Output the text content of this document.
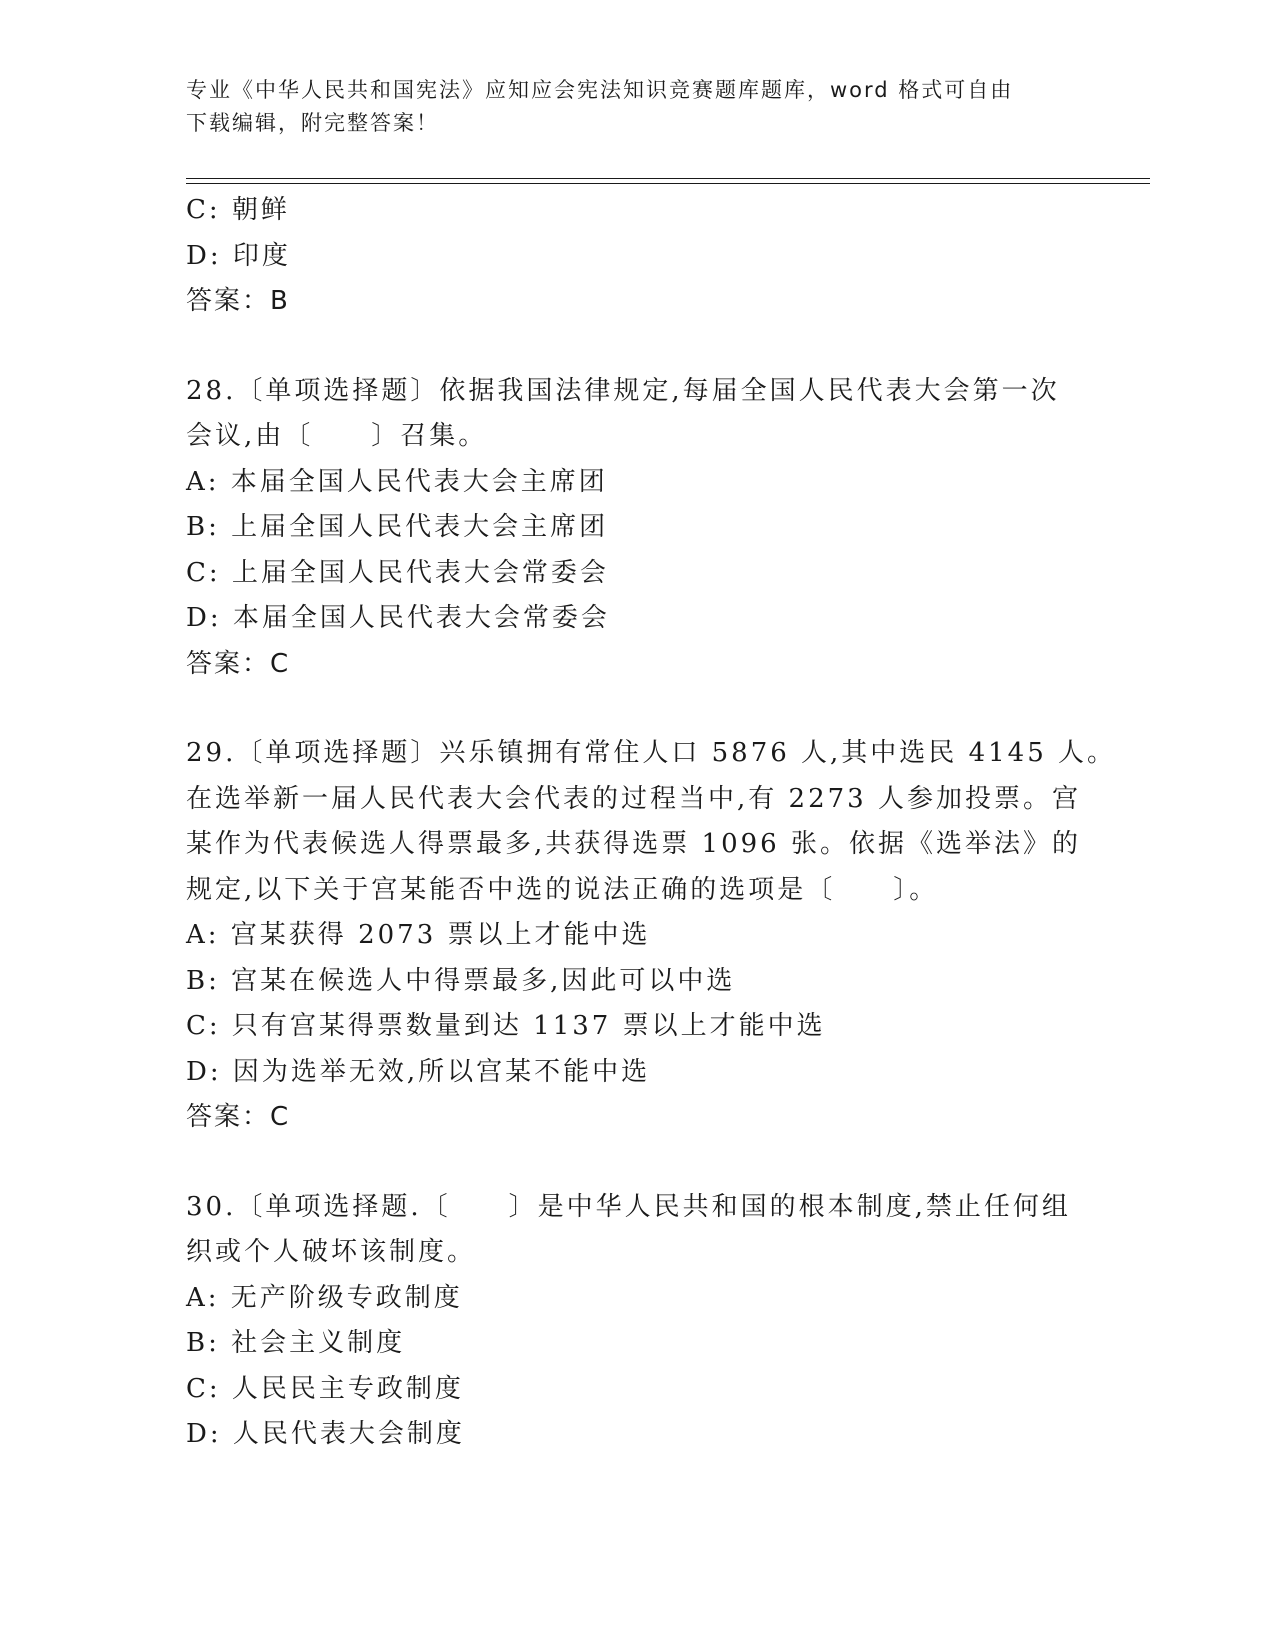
专业《中华人民共和国宪法》应知应会宪法知识竞赛题库题库，word 格式可自由
下载编辑，附完整答案！
C: 朝鲜
D: 印度
答案：B
28.〔单项选择题〕依据我国法律规定,每届全国人民代表大会第一次
会议,由〔　　〕召集。
A: 本届全国人民代表大会主席团
B: 上届全国人民代表大会主席团
C: 上届全国人民代表大会常委会
D: 本届全国人民代表大会常委会
答案：C
29.〔单项选择题〕兴乐镇拥有常住人口 5876 人,其中选民 4145 人。
在选举新一届人民代表大会代表的过程当中,有 2273 人参加投票。宫
某作为代表候选人得票最多,共获得选票 1096 张。依据《选举法》的
规定,以下关于宫某能否中选的说法正确的选项是〔　　〕。
A: 宫某获得 2073 票以上才能中选
B: 宫某在候选人中得票最多,因此可以中选
C: 只有宫某得票数量到达 1137 票以上才能中选
D: 因为选举无效,所以宫某不能中选
答案：C
30.〔单项选择题.〔　　〕是中华人民共和国的根本制度,禁止任何组
织或个人破坏该制度。
A: 无产阶级专政制度
B: 社会主义制度
C: 人民民主专政制度
D: 人民代表大会制度
